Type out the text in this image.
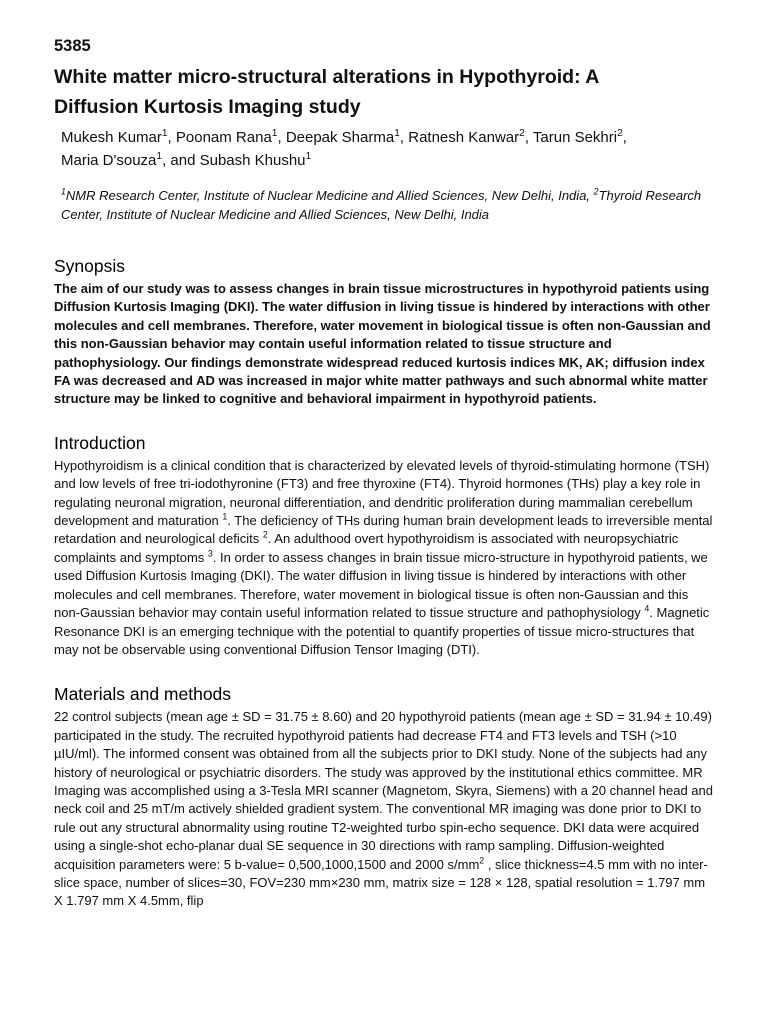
5385
White matter micro-structural alterations in Hypothyroid: A
Diffusion Kurtosis Imaging study
Mukesh Kumar$^1$, Poonam Rana$^1$, Deepak Sharma$^1$, Ratnesh Kanwar$^2$, Tarun Sekhri$^2$,
Maria D'souza$^1$, and Subash Khushu$^1$
$^1$NMR Research Center, Institute of Nuclear Medicine and Allied Sciences, New Delhi, India, $^2$Thyroid Research Center, Institute of Nuclear Medicine and Allied Sciences, New Delhi, India
Synopsis

The aim of our study was to assess changes in brain tissue microstructures in hypothyroid patients using Diffusion Kurtosis Imaging (DKI). The water diffusion in living tissue is hindered by interactions with other molecules and cell membranes. Therefore, water movement in biological tissue is often non-Gaussian and this non-Gaussian behavior may contain useful information related to tissue structure and pathophysiology. Our findings demonstrate widespread reduced kurtosis indices MK, AK; diffusion index FA was decreased and AD was increased in major white matter pathways and such abnormal white matter structure may be linked to cognitive and behavioral impairment in hypothyroid patients.

Introduction

Hypothyroidism is a clinical condition that is characterized by elevated levels of thyroid-stimulating hormone (TSH) and low levels of free tri-iodothyronine (FT3) and free thyroxine (FT4). Thyroid hormones (THs) play a key role in regulating neuronal migration, neuronal differentiation, and dendritic proliferation during mammalian cerebellum development and maturation $^1$. The deficiency of THs during human brain development leads to irreversible mental retardation and neurological deficits $^2$. An adulthood overt hypothyroidism is associated with neuropsychiatric complaints and symptoms $^3$. In order to assess changes in brain tissue micro-structure in hypothyroid patients, we used Diffusion Kurtosis Imaging (DKI). The water diffusion in living tissue is hindered by interactions with other molecules and cell membranes. Therefore, water movement in biological tissue is often non-Gaussian and this non-Gaussian behavior may contain useful information related to tissue structure and pathophysiology $^4$. Magnetic Resonance DKI is an emerging technique with the potential to quantify properties of tissue micro-structures that may not be observable using conventional Diffusion Tensor Imaging (DTI).

Materials and methods

22 control subjects (mean age ± SD = 31.75 ± 8.60) and 20 hypothyroid patients (mean age ± SD = 31.94 ± 10.49) participated in the study. The recruited hypothyroid patients had decrease FT4 and FT3 levels and TSH (>10 µIU/ml). The informed consent was obtained from all the subjects prior to DKI study. None of the subjects had any history of neurological or psychiatric disorders. The study was approved by the institutional ethics committee. MR Imaging was accomplished using a 3-Tesla MRI scanner (Magnetom, Skyra, Siemens) with a 20 channel head and neck coil and 25 mT/m actively shielded gradient system. The conventional MR imaging was done prior to DKI to rule out any structural abnormality using routine T2-weighted turbo spin-echo sequence. DKI data were acquired using a single-shot echo-planar dual SE sequence in 30 directions with ramp sampling. Diffusion-weighted acquisition parameters were: 5 b-value= 0,500,1000,1500 and 2000 $s/mm^2$ , slice thickness=4.5 mm with no inter-slice space, number of slices=30, FOV=230 mm×230 mm, matrix size = 128 × 128, spatial resolution = 1.797 mm X 1.797 mm X 4.5mm, flip
